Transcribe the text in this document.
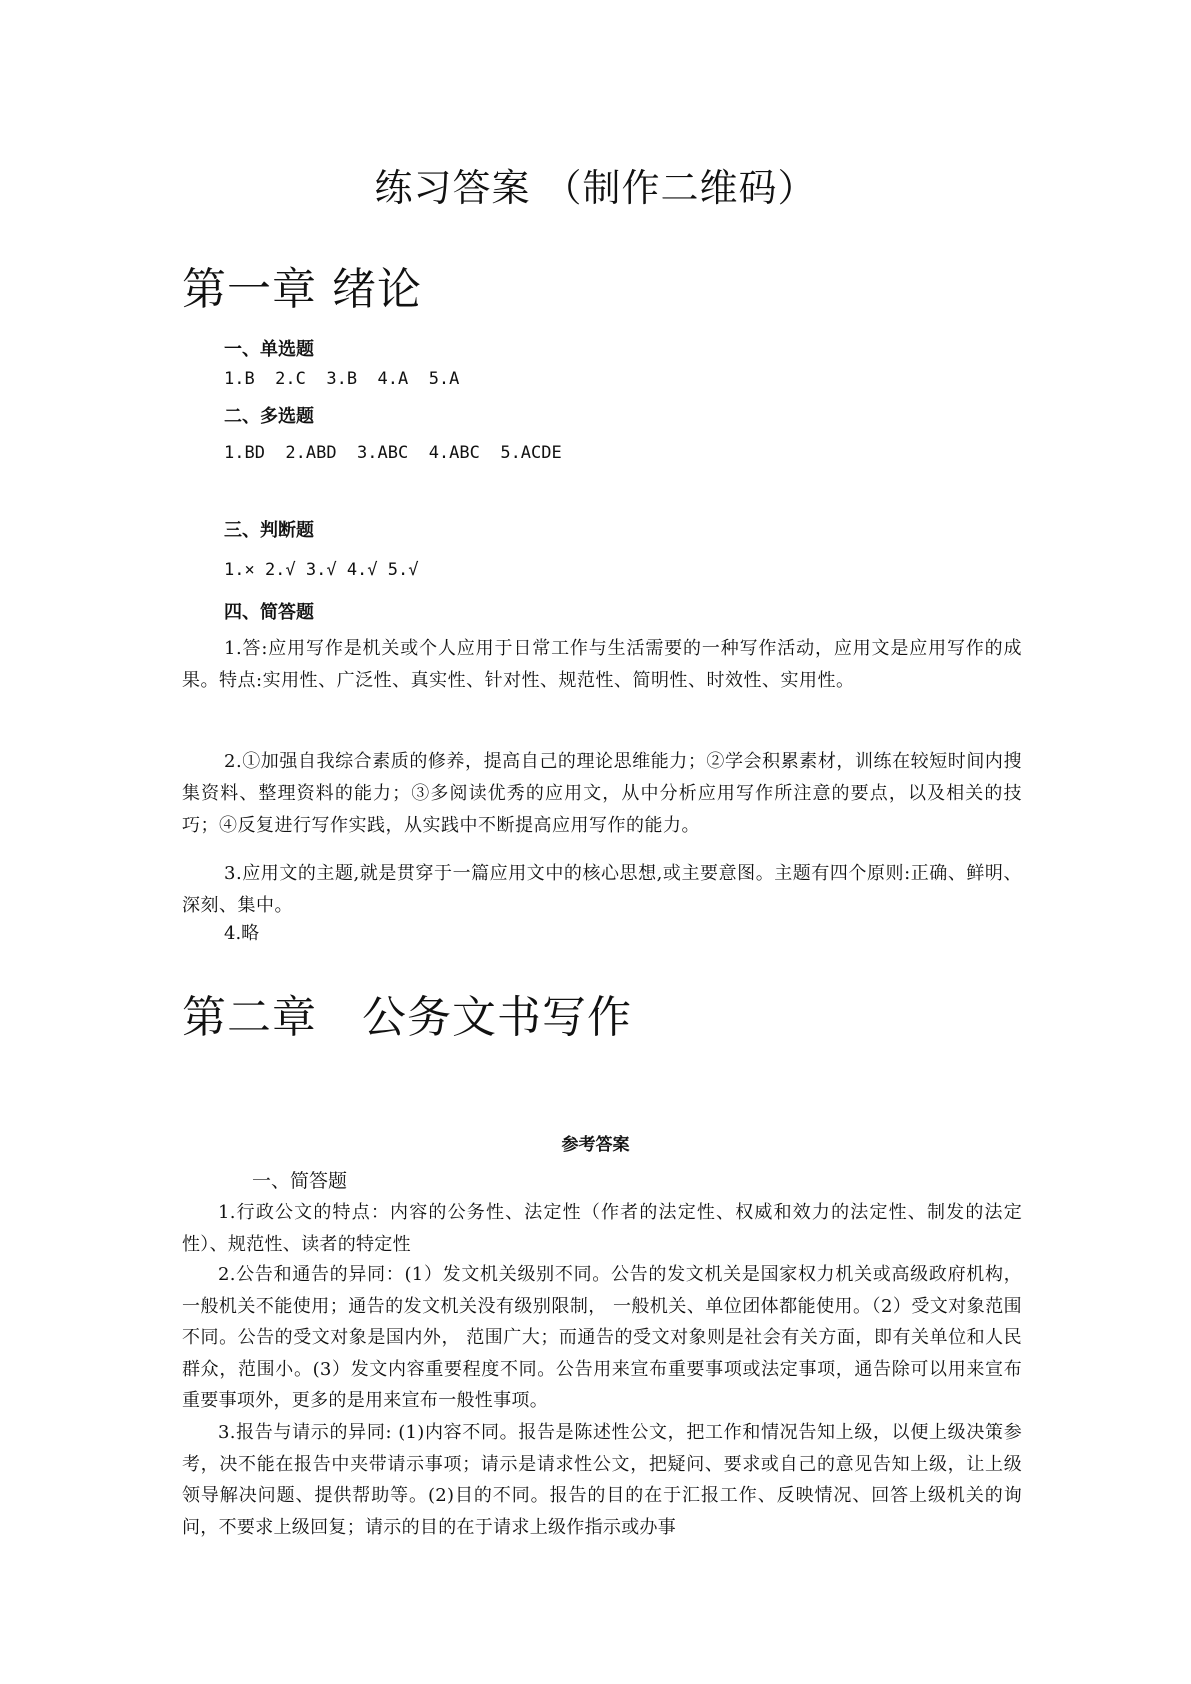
练习答案 （制作二维码）
第一章 绪论
一、单选题
1.B  2.C  3.B  4.A  5.A
二、多选题
1.BD  2.ABD  3.ABC  4.ABC  5.ACDE
三、判断题
1.× 2.√ 3.√ 4.√ 5.√
四、简答题
1.答:应用写作是机关或个人应用于日常工作与生活需要的一种写作活动，应用文是应用写作的成果。特点:实用性、广泛性、真实性、针对性、规范性、简明性、时效性、实用性。
2.①加强自我综合素质的修养，提高自己的理论思维能力；②学会积累素材，训练在较短时间内搜集资料、整理资料的能力；③多阅读优秀的应用文，从中分析应用写作所注意的要点，以及相关的技巧；④反复进行写作实践，从实践中不断提高应用写作的能力。
3.应用文的主题,就是贯穿于一篇应用文中的核心思想,或主要意图。主题有四个原则:正确、鲜明、深刻、集中。
4.略
第二章　公务文书写作
参考答案
一、简答题
1.行政公文的特点：内容的公务性、法定性（作者的法定性、权威和效力的法定性、制发的法定性）、规范性、读者的特定性
2.公告和通告的异同：(1）发文机关级别不同。公告的发文机关是国家权力机关或高级政府机构， 一般机关不能使用；通告的发文机关没有级别限制， 一般机关、单位团体都能使用。（2）受文对象范围不同。公告的受文对象是国内外， 范围广大；而通告的受文对象则是社会有关方面，即有关单位和人民群众，范围小。(3）发文内容重要程度不同。公告用来宣布重要事项或法定事项，通告除可以用来宣布重要事项外，更多的是用来宣布一般性事项。
3.报告与请示的异同: (1)内容不同。报告是陈述性公文，把工作和情况告知上级，以便上级决策参考，决不能在报告中夹带请示事项；请示是请求性公文，把疑问、要求或自己的意见告知上级，让上级领导解决问题、提供帮助等。(2)目的不同。报告的目的在于汇报工作、反映情况、回答上级机关的询问，不要求上级回复；请示的目的在于请求上级作指示或办事
